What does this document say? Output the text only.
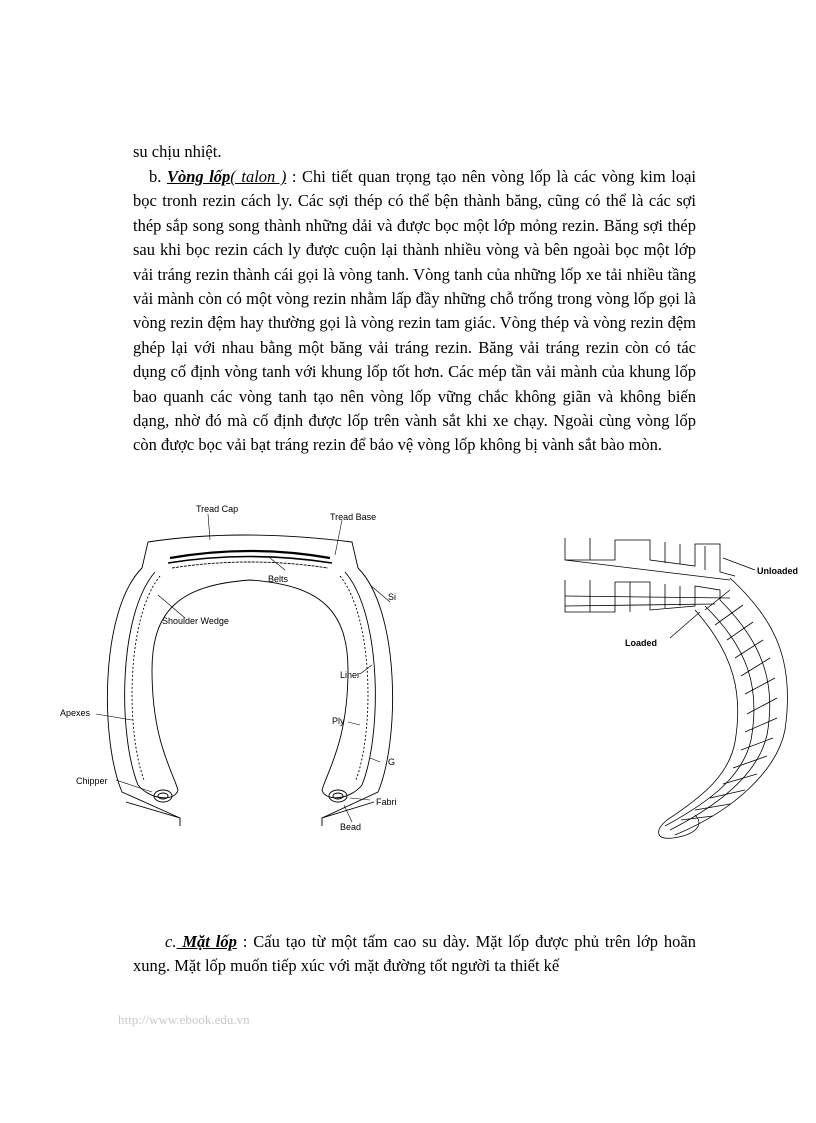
su chịu nhiệt.

b. Vòng lốp( talon ) : Chi tiết quan trọng tạo nên vòng lốp là các vòng kim loại bọc tronh rezin cách ly. Các sợi thép có thể bện thành băng, cũng có thể là các sợi thép sắp song song thành những dải và được bọc một lớp mỏng rezin. Băng sợi thép sau khi bọc rezin cách ly được cuộn lại thành nhiều vòng và bên ngoài bọc một lớp vải tráng rezin thành cái gọi là vòng tanh. Vòng tanh của những lốp xe tải nhiều tầng vải mành còn có một vòng rezin nhằm lấp đầy những chỗ trống trong vòng lốp gọi là vòng rezin đệm hay thường gọi là vòng rezin tam giác. Vòng thép và vòng rezin đệm ghép lại với nhau bằng một băng vải tráng rezin. Băng vải tráng rezin còn có tác dụng cố định vòng tanh với khung lốp tốt hơn. Các mép tần vải mành của khung lốp bao quanh các vòng tanh tạo nên vòng lốp vững chắc không giãn và không biến dạng, nhờ đó mà cố định được lốp trên vành sắt khi xe chạy. Ngoài cùng vòng lốp còn được bọc vải bạt tráng rezin để bảo vệ vòng lốp không bị vành sắt bào mòn.

Tread Cap
Tread Base
Belts
Si
Shoulder Wedge
Liner
Apexes
Ply
G
Chipper
Fabri
Bead
Unloaded
Loaded

c. Mặt lốp : Cấu tạo từ một tấm cao su dày. Mặt lốp được phủ trên lớp hoãn xung. Mặt lốp muốn tiếp xúc với mặt đường tốt người ta thiết kế

http://www.ebook.edu.vn
